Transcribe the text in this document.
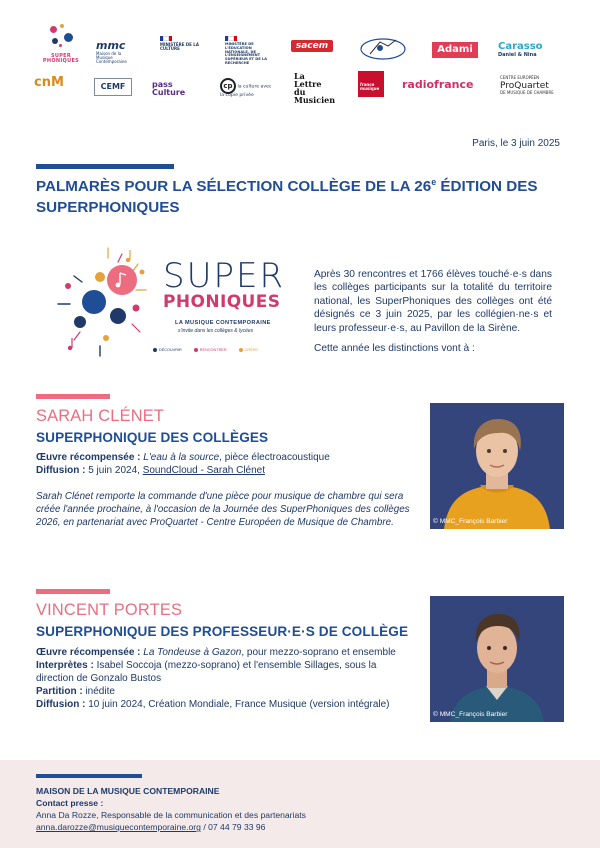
SUPER PHONIQUES
mmc
Maison de la Musique Contemporaine
MINISTÈRE DE LA CULTURE
MINISTÈRE DE L'ÉDUCATION NATIONALE, DE L'ENSEIGNEMENT SUPÉRIEUR ET DE LA RECHERCHE
sacem	Adami	Carasso
Daniel & Nina
cnM	CEMF	pass Culture
cp la culture avec la copie privée
La Lettre du Musicien
france musique	radiofrance
CENTRE EUROPÉEN
ProQuartet
DE MUSIQUE DE CHAMBRE
Paris, le 3 juin 2025
PALMARÈS POUR LA SÉLECTION COLLÈGE DE LA 26e ÉDITION DES SUPERPHONIQUES
SUPER
PHONIQUES
LA MUSIQUE CONTEMPORAINE
s'invite dans les collèges & lycées
DÉCOUVRIR	RENCONTRER	CRÉER

Après 30 rencontres et 1766 élèves touché·e·s dans les collèges participants sur la totalité du territoire national, les SuperPhoniques des collèges ont été désignés ce 3 juin 2025, par les collégien·ne·s et leurs professeur·e·s, au Pavillon de la Sirène.

Cette année les distinctions vont à :

SARAH CLÉNET
SUPERPHONIQUE DES COLLÈGES
Œuvre récompensée : L'eau à la source, pièce électroacoustique
Diffusion : 5 juin 2024, SoundCloud - Sarah Clénet

Sarah Clénet remporte la commande d'une pièce pour musique de chambre qui sera créée l'année prochaine, à l'occasion de la Journée des SuperPhoniques des collèges 2026, en partenariat avec ProQuartet - Centre Européen de Musique de Chambre.	© MMC_François Barbier
VINCENT PORTES
SUPERPHONIQUE DES PROFESSEUR·E·S DE COLLÈGE
Œuvre récompensée : La Tondeuse à Gazon, pour mezzo-soprano et ensemble
Interprètes : Isabel Soccoja (mezzo-soprano) et l'ensemble Sillages, sous la direction de Gonzalo Bustos
Partition : inédite
Diffusion : 10 juin 2024, Création Mondiale, France Musique (version intégrale)
© MMC_François Barbier
MAISON DE LA MUSIQUE CONTEMPORAINE
Contact presse :
Anna Da Rozze, Responsable de la communication et des partenariats
anna.darozze@musiquecontemporaine.org / 07 44 79 33 96
